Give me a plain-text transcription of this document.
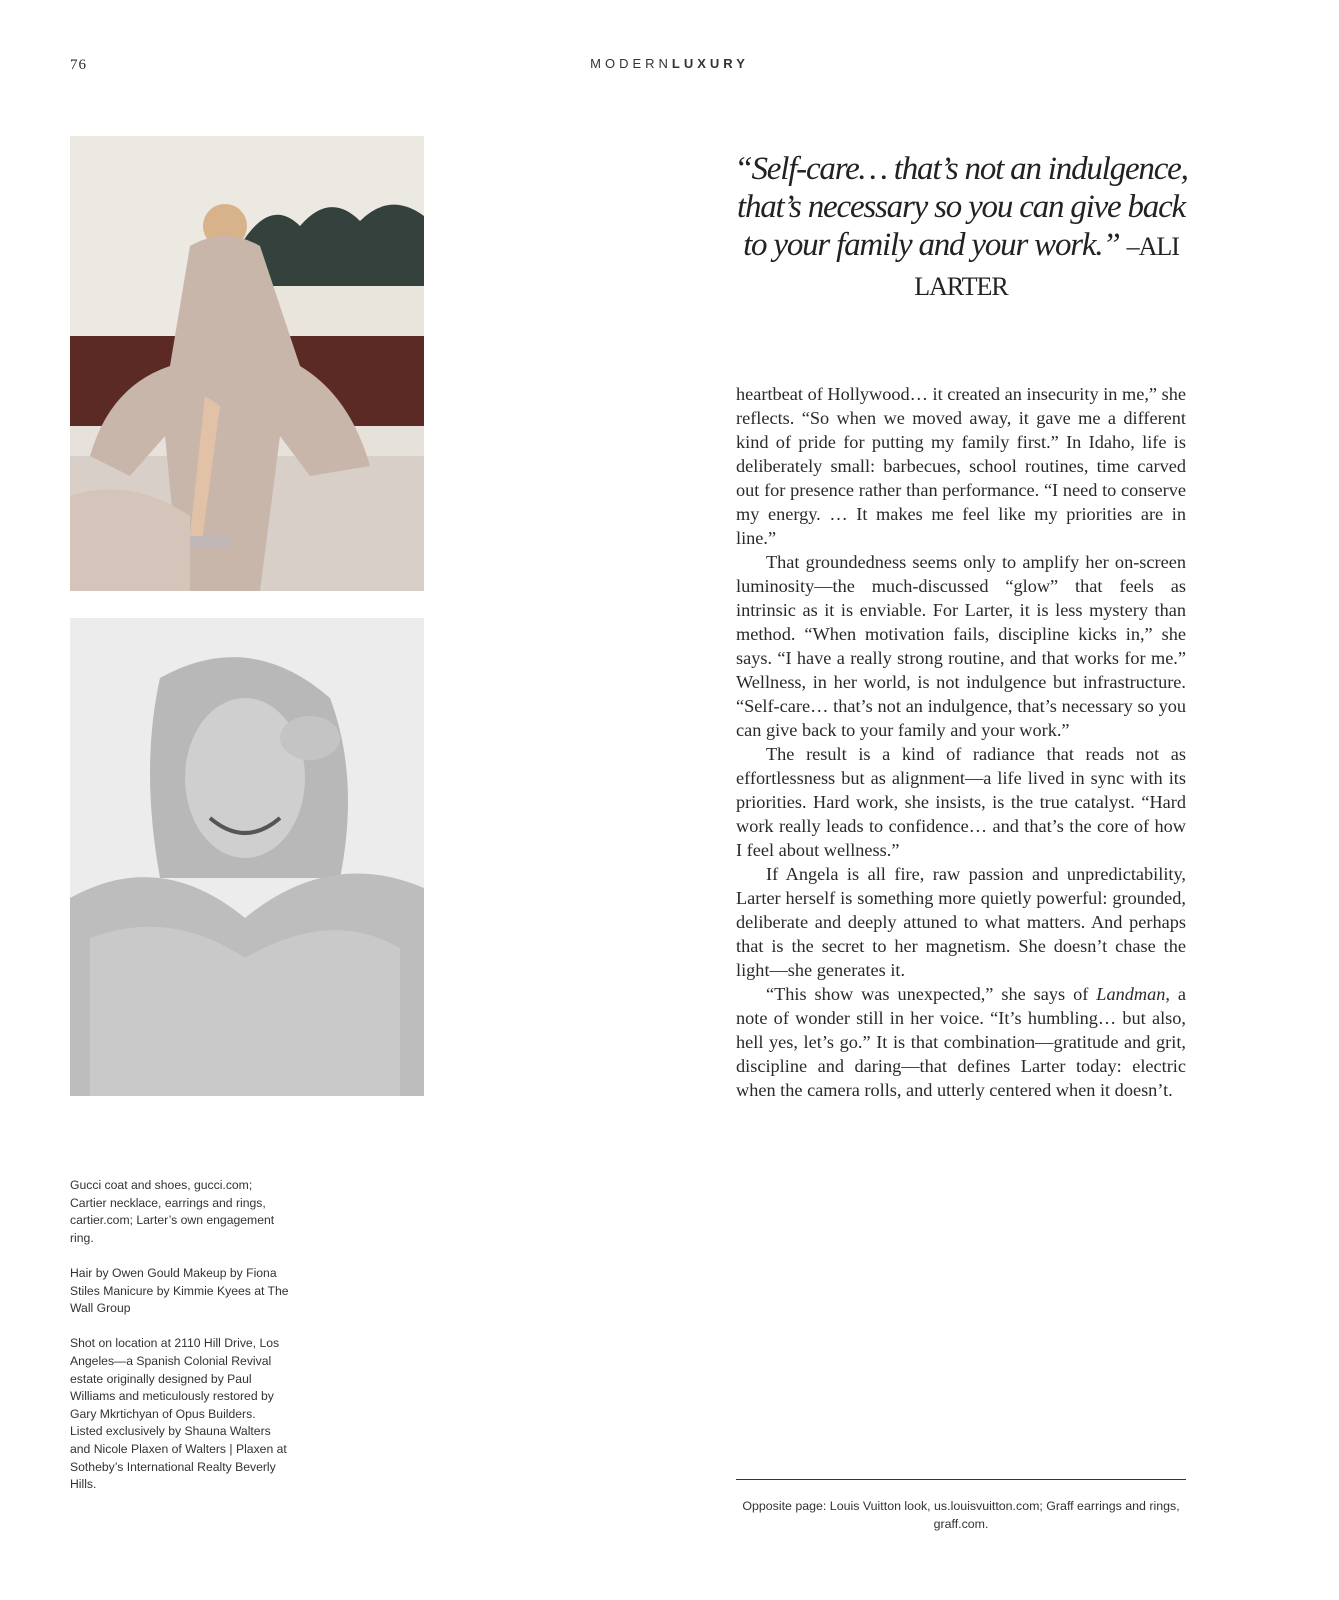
76	MODERNLUXURY

Gucci coat and shoes, gucci.com; Cartier necklace, earrings and rings, cartier.com; Larter’s own engagement ring.

Hair by Owen Gould Makeup by Fiona Stiles Manicure by Kimmie Kyees at The Wall Group

Shot on location at 2110 Hill Drive, Los Angeles—a Spanish Colonial Revival estate originally designed by Paul Williams and meticulously restored by Gary Mkrtichyan of Opus Builders. Listed exclusively by Shauna Walters and Nicole Plaxen of Walters | Plaxen at Sotheby’s International Realty Beverly Hills.

“Self-care… that’s not an indulgence, that’s necessary so you can give back to your family and your work.” –ALI LARTER

heartbeat of Hollywood… it created an insecurity in me,” she reflects. “So when we moved away, it gave me a different kind of pride for putting my family first.” In Idaho, life is deliberately small: barbecues, school routines, time carved out for presence rather than performance. “I need to conserve my energy. … It makes me feel like my priorities are in line.”

That groundedness seems only to amplify her on-screen luminosity—the much-discussed “glow” that feels as intrinsic as it is enviable. For Larter, it is less mystery than method. “When motivation fails, discipline kicks in,” she says. “I have a really strong routine, and that works for me.” Wellness, in her world, is not indulgence but infrastructure. “Self-care… that’s not an indulgence, that’s necessary so you can give back to your family and your work.”

The result is a kind of radiance that reads not as effortlessness but as alignment—a life lived in sync with its priorities. Hard work, she insists, is the true catalyst. “Hard work really leads to confidence… and that’s the core of how I feel about wellness.”

If Angela is all fire, raw passion and unpredictability, Larter herself is something more quietly powerful: grounded, deliberate and deeply attuned to what matters. And perhaps that is the secret to her magnetism. She doesn’t chase the light—she generates it.

“This show was unexpected,” she says of Landman, a note of wonder still in her voice. “It’s humbling… but also, hell yes, let’s go.” It is that combination—gratitude and grit, discipline and daring—that defines Larter today: electric when the camera rolls, and utterly centered when it doesn’t.

Opposite page: Louis Vuitton look, us.louisvuitton.com; Graff earrings and rings, graff.com.
